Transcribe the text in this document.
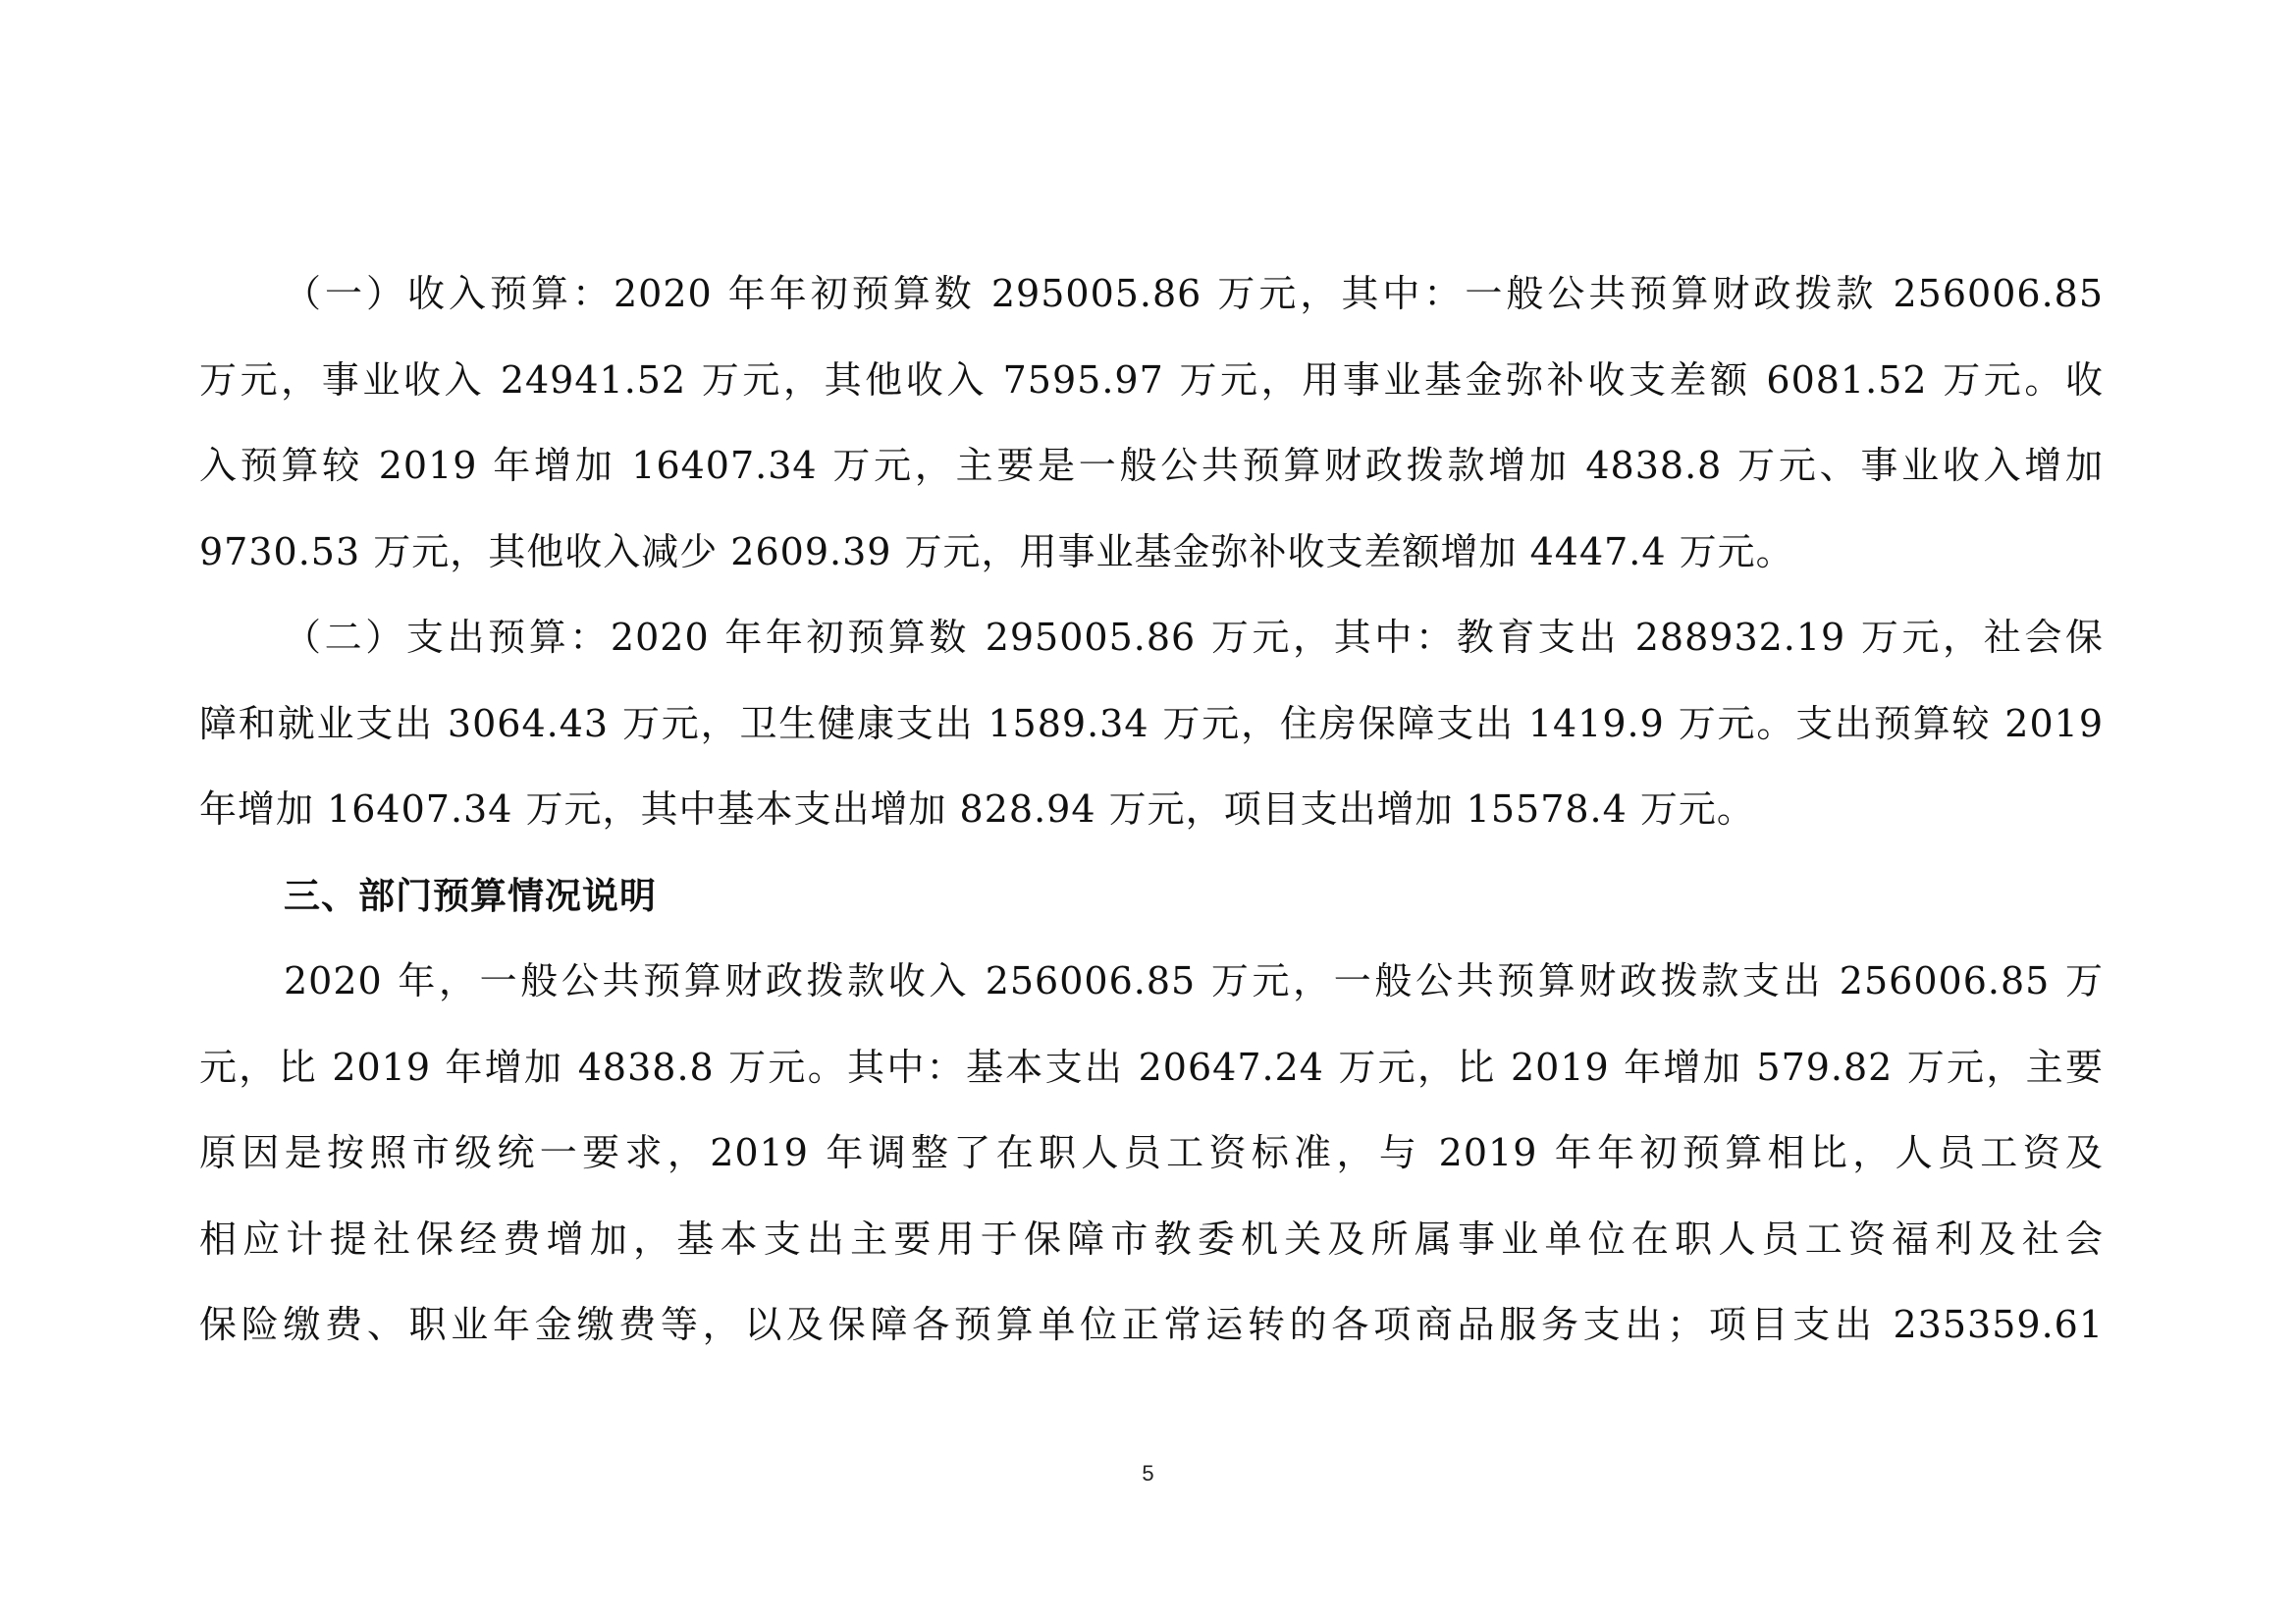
（一）收入预算：2020 年年初预算数 295005.86 万元，其中：一般公共预算财政拨款 256006.85
万元，事业收入 24941.52 万元，其他收入 7595.97 万元，用事业基金弥补收支差额 6081.52 万元。收
入预算较 2019 年增加 16407.34 万元，主要是一般公共预算财政拨款增加 4838.8 万元、事业收入增加
9730.53 万元，其他收入减少 2609.39 万元，用事业基金弥补收支差额增加 4447.4 万元。
（二）支出预算：2020 年年初预算数 295005.86 万元，其中：教育支出 288932.19 万元，社会保
障和就业支出 3064.43 万元，卫生健康支出 1589.34 万元，住房保障支出 1419.9 万元。支出预算较 2019
年增加 16407.34 万元，其中基本支出增加 828.94 万元，项目支出增加 15578.4 万元。
三、部门预算情况说明
2020 年，一般公共预算财政拨款收入 256006.85 万元，一般公共预算财政拨款支出 256006.85 万
元，比 2019 年增加 4838.8 万元。其中：基本支出 20647.24 万元，比 2019 年增加 579.82 万元，主要
原因是按照市级统一要求，2019 年调整了在职人员工资标准，与 2019 年年初预算相比，人员工资及
相应计提社保经费增加，基本支出主要用于保障市教委机关及所属事业单位在职人员工资福利及社会
保险缴费、职业年金缴费等，以及保障各预算单位正常运转的各项商品服务支出；项目支出 235359.61
5
